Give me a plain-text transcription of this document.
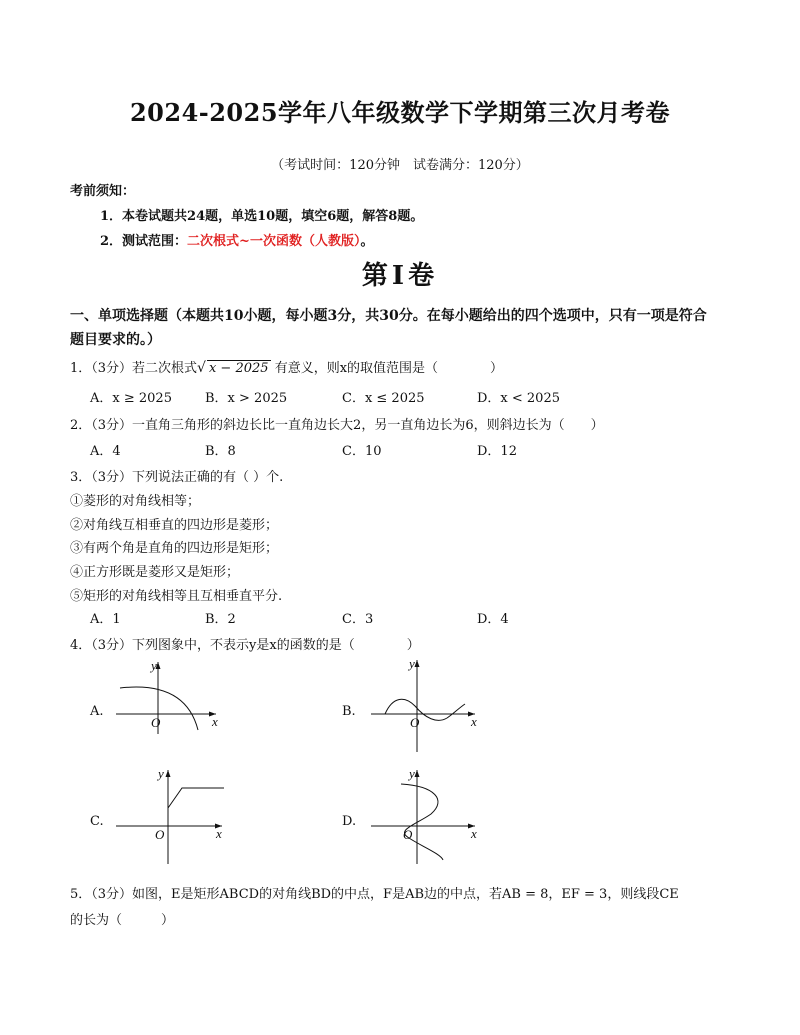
2024-2025学年八年级数学下学期第三次月考卷
（考试时间：120分钟　试卷满分：120分）
考前须知：
1．本卷试题共24题，单选10题，填空6题，解答8题。
2．测试范围：二次根式~一次函数（人教版）。
第Ⅰ卷
一、单项选择题（本题共10小题，每小题3分，共30分。在每小题给出的四个选项中，只有一项是符合
题目要求的。）
1．（3分）若二次根式√ x − 2025 有意义，则x的取值范围是（　　　　）
A．x ≥ 2025	B．x > 2025	C．x ≤ 2025	D．x < 2025
2．（3分）一直角三角形的斜边长比一直角边长大2，另一直角边长为6，则斜边长为（　　）
A．4	B．8	C．10	D．12
3．（3分）下列说法正确的有（ ）个.
①菱形的对角线相等；
②对角线互相垂直的四边形是菱形；
③有两个角是直角的四边形是矩形；
④正方形既是菱形又是矩形；
⑤矩形的对角线相等且互相垂直平分.
A．1	B．2	C．3	D．4
4．（3分）下列图象中，不表示y是x的函数的是（　　　　）
A.
y
x
O
B.
y
x
O
C.
y
x
O
D.
y
x
O
5．（3分）如图，E是矩形ABCD的对角线BD的中点，F是AB边的中点，若AB = 8，EF = 3，则线段CE
的长为（　　　）
